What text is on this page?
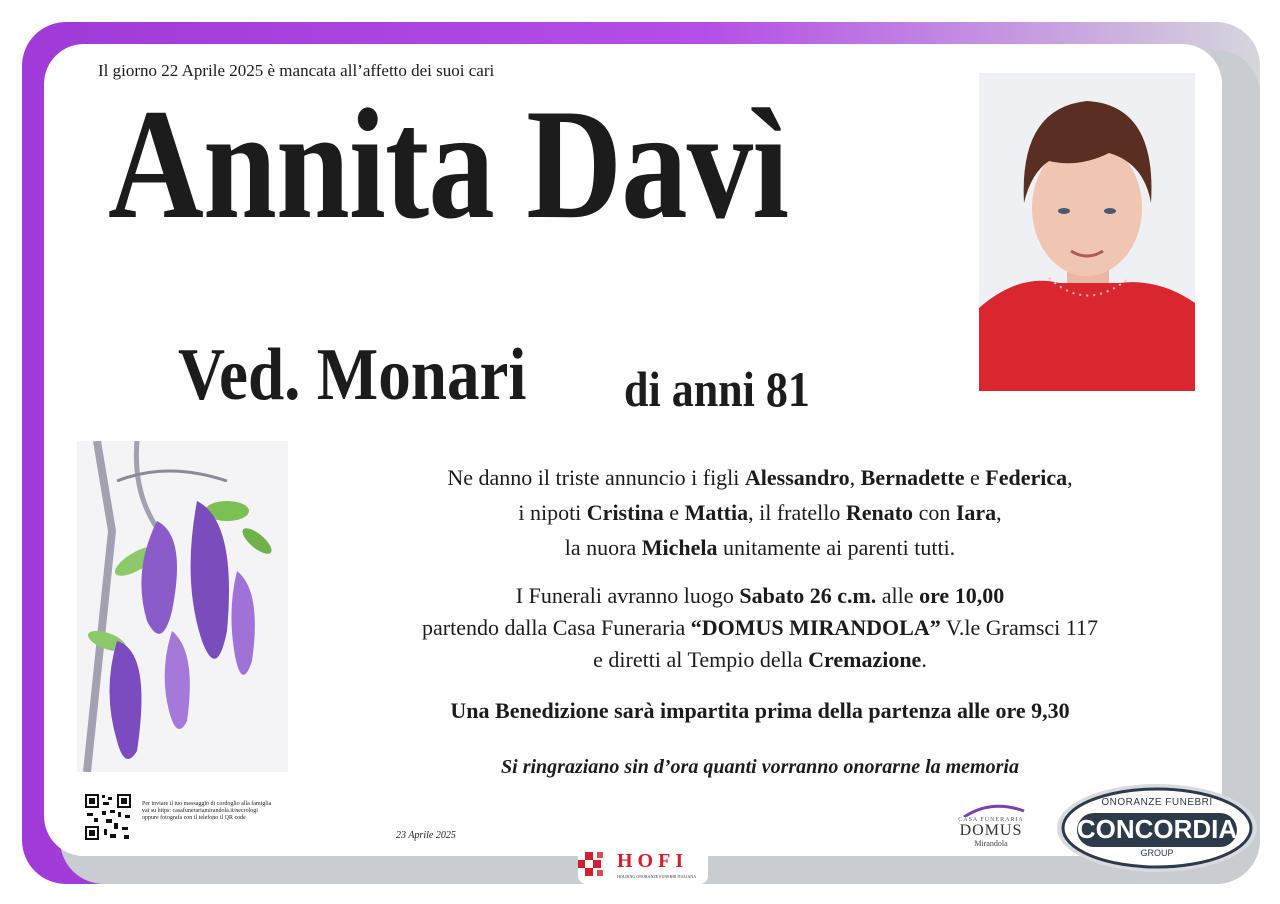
Il giorno 22 Aprile 2025 è mancata all’affetto dei suoi cari
Annita Davì
Ved. Monari di anni 81

Ne danno il triste annuncio i figli Alessandro, Bernadette e Federica,

i nipoti Cristina e Mattia, il fratello Renato con Iara,

la nuora Michela unitamente ai parenti tutti.

I Funerali avranno luogo Sabato 26 c.m. alle ore 10,00

partendo dalla Casa Funeraria “DOMUS MIRANDOLA” V.le Gramsci 117

e diretti al Tempio della Cremazione.

Una Benedizione sarà impartita prima della partenza alle ore 9,30
Si ringraziano sin d’ora quanti vorranno onorarne la memoria
Per inviare il tuo messaggio di cordoglio alla famiglia
vai su https: casafunerariamirandola.it/necrologi
oppure fotografa con il telefono il QR code
23 Aprile 2025
HOFI
HOLDING ONORANZE FUNEBRI ITALIANA
CASA FUNERARIA
DOMUS
Mirandola
ONORANZE FUNEBRI
CONCORDIA
GROUP
